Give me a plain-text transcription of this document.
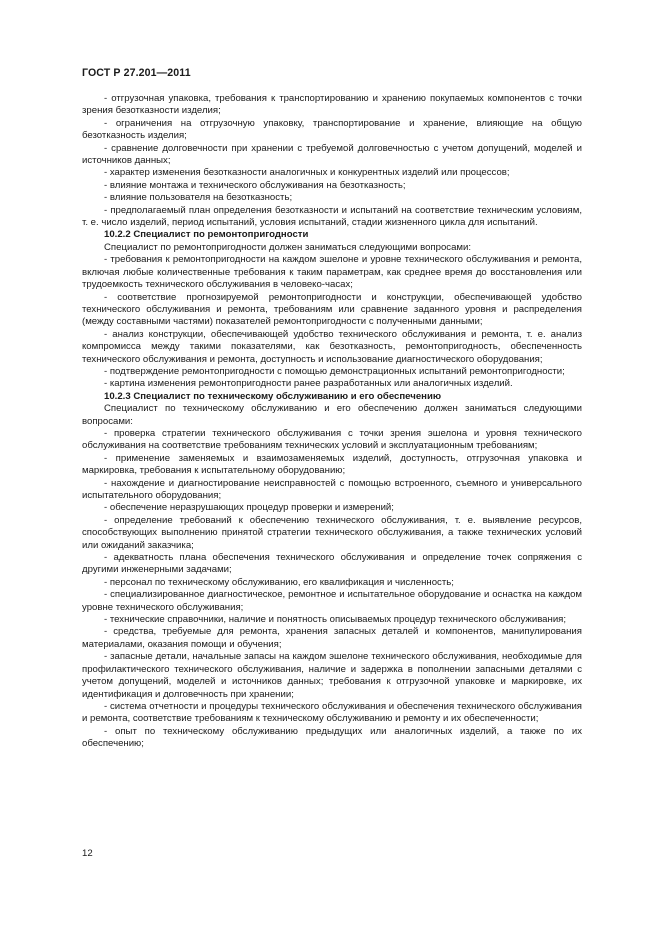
ГОСТ Р 27.201—2011

- отгрузочная упаковка, требования к транспортированию и хранению покупаемых компонентов с точки зрения безотказности изделия;

- ограничения на отгрузочную упаковку, транспортирование и хранение, влияющие на общую безотказность изделия;

- сравнение долговечности при хранении с требуемой долговечностью с учетом допущений, моделей и источников данных;

- характер изменения безотказности аналогичных и конкурентных изделий или процессов;

- влияние монтажа и технического обслуживания на безотказность;

- влияние пользователя на безотказность;

- предполагаемый план определения безотказности и испытаний на соответствие техническим условиям, т. е. число изделий, период испытаний, условия испытаний, стадии жизненного цикла для испытаний.

10.2.2 Специалист по ремонтопригодности

Специалист по ремонтопригодности должен заниматься следующими вопросами:

- требования к ремонтопригодности на каждом эшелоне и уровне технического обслуживания и ремонта, включая любые количественные требования к таким параметрам, как среднее время до восстановления или трудоемкость технического обслуживания в человеко-часах;

- соответствие прогнозируемой ремонтопригодности и конструкции, обеспечивающей удобство технического обслуживания и ремонта, требованиям или сравнение заданного уровня и распределения (между составными частями) показателей ремонтопригодности с полученными данными;

- анализ конструкции, обеспечивающей удобство технического обслуживания и ремонта, т. е. анализ компромисса между такими показателями, как безотказность, ремонтопригодность, обеспеченность технического обслуживания и ремонта, доступность и использование диагностического оборудования;

- подтверждение ремонтопригодности с помощью демонстрационных испытаний ремонтопригодности;

- картина изменения ремонтопригодности ранее разработанных или аналогичных изделий.

10.2.3 Специалист по техническому обслуживанию и его обеспечению

Специалист по техническому обслуживанию и его обеспечению должен заниматься следующими вопросами:

- проверка стратегии технического обслуживания с точки зрения эшелона и уровня технического обслуживания на соответствие требованиям технических условий и эксплуатационным требованиям;

- применение заменяемых и взаимозаменяемых изделий, доступность, отгрузочная упаковка и маркировка, требования к испытательному оборудованию;

- нахождение и диагностирование неисправностей с помощью встроенного, съемного и универсального испытательного оборудования;

- обеспечение неразрушающих процедур проверки и измерений;

- определение требований к обеспечению технического обслуживания, т. е. выявление ресурсов, способствующих выполнению принятой стратегии технического обслуживания, а также технических условий или ожиданий заказчика;

- адекватность плана обеспечения технического обслуживания и определение точек сопряжения с другими инженерными задачами;

- персонал по техническому обслуживанию, его квалификация и численность;

- специализированное диагностическое, ремонтное и испытательное оборудование и оснастка на каждом уровне технического обслуживания;

- технические справочники, наличие и понятность описываемых процедур технического обслуживания;

- средства, требуемые для ремонта, хранения запасных деталей и компонентов, манипулирования материалами, оказания помощи и обучения;

- запасные детали, начальные запасы на каждом эшелоне технического обслуживания, необходимые для профилактического технического обслуживания, наличие и задержка в пополнении запасными деталями с учетом допущений, моделей и источников данных; требования к отгрузочной упаковке и маркировке, их идентификация и долговечность при хранении;

- система отчетности и процедуры технического обслуживания и обеспечения технического обслуживания и ремонта, соответствие требованиям к техническому обслуживанию и ремонту и их обеспеченности;

- опыт по техническому обслуживанию предыдущих или аналогичных изделий, а также по их обеспечению;

12
